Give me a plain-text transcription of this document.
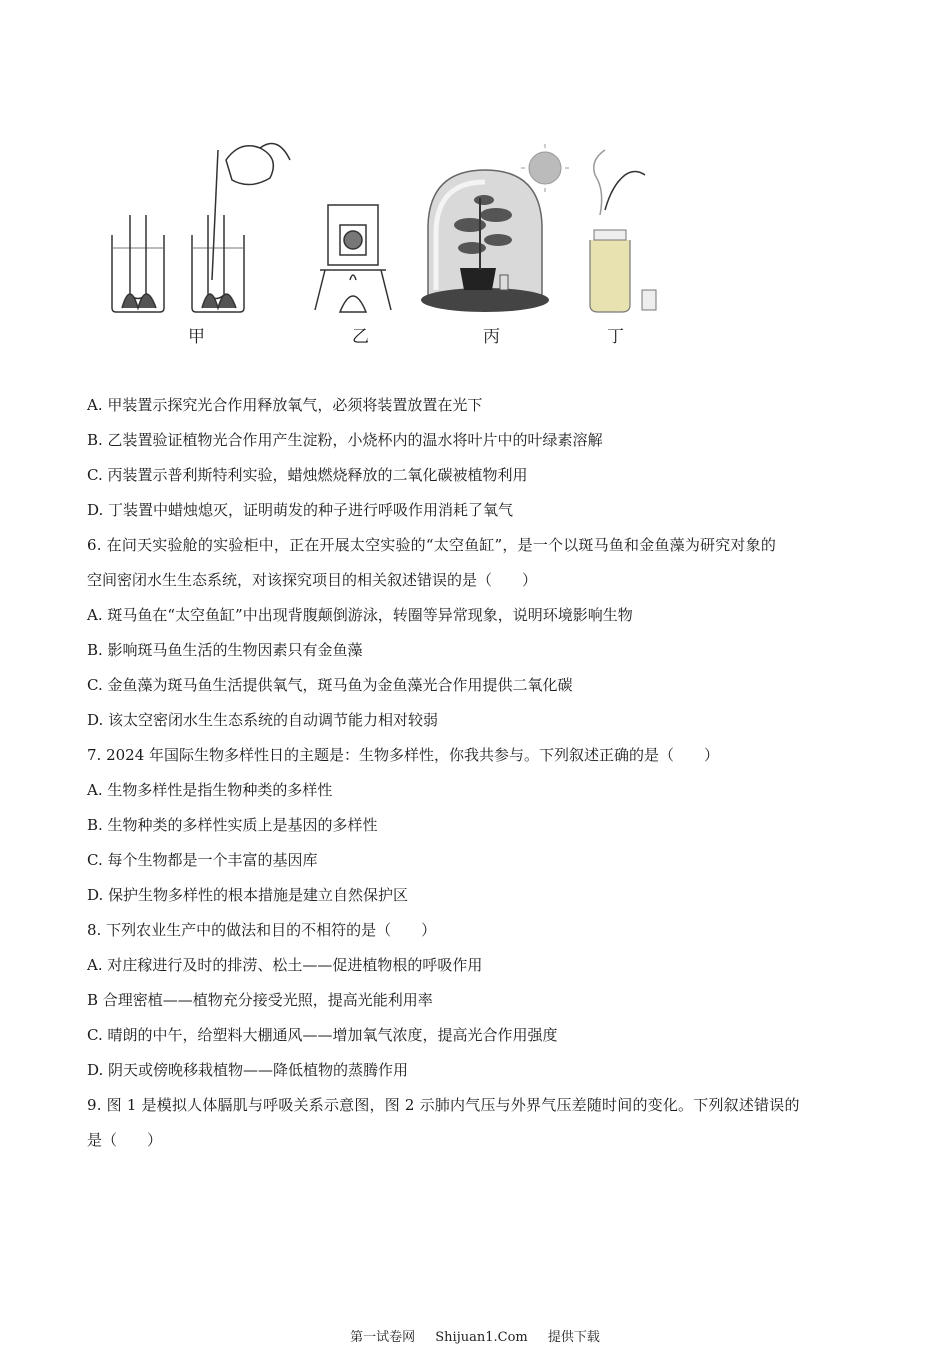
甲	乙	丙	丁
A. 甲装置示探究光合作用释放氧气，必须将装置放置在光下
B. 乙装置验证植物光合作用产生淀粉，小烧杯内的温水将叶片中的叶绿素溶解
C. 丙装置示普利斯特利实验，蜡烛燃烧释放的二氧化碳被植物利用
D. 丁装置中蜡烛熄灭，证明萌发的种子进行呼吸作用消耗了氧气
6. 在问天实验舱的实验柜中，正在开展太空实验的“太空鱼缸”，是一个以斑马鱼和金鱼藻为研究对象的
空间密闭水生生态系统，对该探究项目的相关叙述错误的是（　　）
A. 斑马鱼在“太空鱼缸”中出现背腹颠倒游泳，转圈等异常现象，说明环境影响生物
B. 影响斑马鱼生活的生物因素只有金鱼藻
C. 金鱼藻为斑马鱼生活提供氧气，斑马鱼为金鱼藻光合作用提供二氧化碳
D. 该太空密闭水生生态系统的自动调节能力相对较弱
7. 2024 年国际生物多样性日的主题是：生物多样性，你我共参与。下列叙述正确的是（　　）
A. 生物多样性是指生物种类的多样性
B. 生物种类的多样性实质上是基因的多样性
C. 每个生物都是一个丰富的基因库
D. 保护生物多样性的根本措施是建立自然保护区
8. 下列农业生产中的做法和目的不相符的是（　　）
A. 对庄稼进行及时的排涝、松土——促进植物根的呼吸作用
B 合理密植——植物充分接受光照，提高光能利用率
C. 晴朗的中午，给塑料大棚通风——增加氧气浓度，提高光合作用强度
D. 阴天或傍晚移栽植物——降低植物的蒸腾作用
9. 图 1 是模拟人体膈肌与呼吸关系示意图，图 2 示肺内气压与外界气压差随时间的变化。下列叙述错误的
是（　　）
第一试卷网 Shijuan1.Com 提供下载
